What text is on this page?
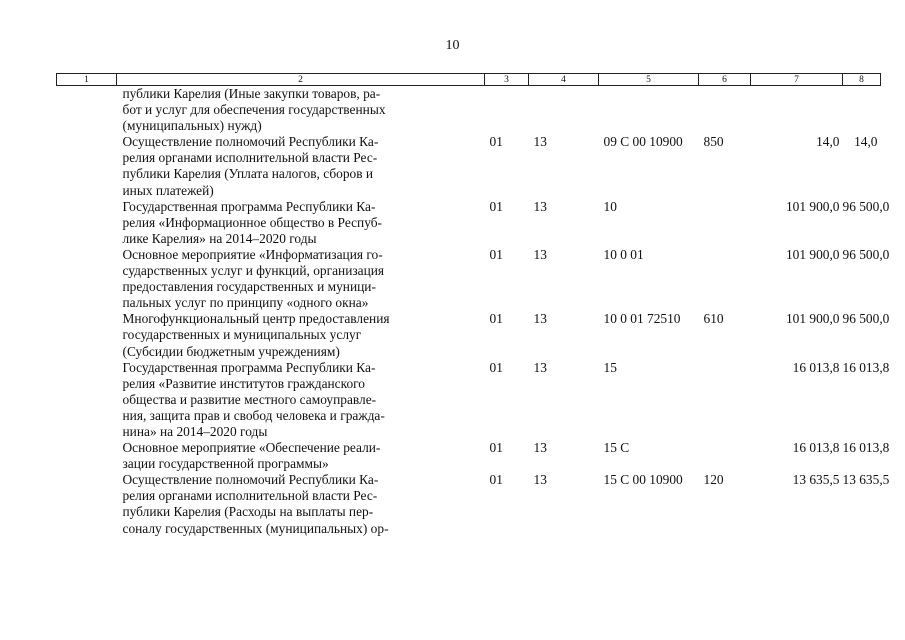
10
1	2	3	4	5	6	7	8

	публики Карелия (Иные закупки товаров, ра-
бот и услуг для обеспечения государственных
(муниципальных) нужд)						

	Осуществление полномочий Республики Ка-
релия органами исполнительной власти Рес-
публики Карелия (Уплата налогов, сборов и
иных платежей)	01	13	09 С 00 10900	850	14,0	14,0

	Государственная программа Республики Ка-
релия «Информационное общество в Респуб-
лике Карелия» на 2014–2020 годы	01	13	10		101 900,0	96 500,0

	Основное мероприятие «Информатизация го-
сударственных услуг и функций, организация
предоставления государственных и муници-
пальных услуг по принципу «одного окна»	01	13	10 0 01		101 900,0	96 500,0

	Многофункциональный центр предоставления
государственных и муниципальных услуг
(Субсидии бюджетным учреждениям)	01	13	10 0 01 72510	610	101 900,0	96 500,0

	Государственная программа Республики Ка-
релия «Развитие институтов гражданского
общества и развитие местного самоуправле-
ния, защита прав и свобод человека и гражда-
нина» на 2014–2020 годы	01	13	15		16 013,8	16 013,8

	Основное мероприятие «Обеспечение реали-
зации государственной программы»	01	13	15 С		16 013,8	16 013,8

	Осуществление полномочий Республики Ка-
релия органами исполнительной власти Рес-
публики Карелия (Расходы на выплаты пер-
соналу государственных (муниципальных) ор-	01	13	15 С 00 10900	120	13 635,5	13 635,5
